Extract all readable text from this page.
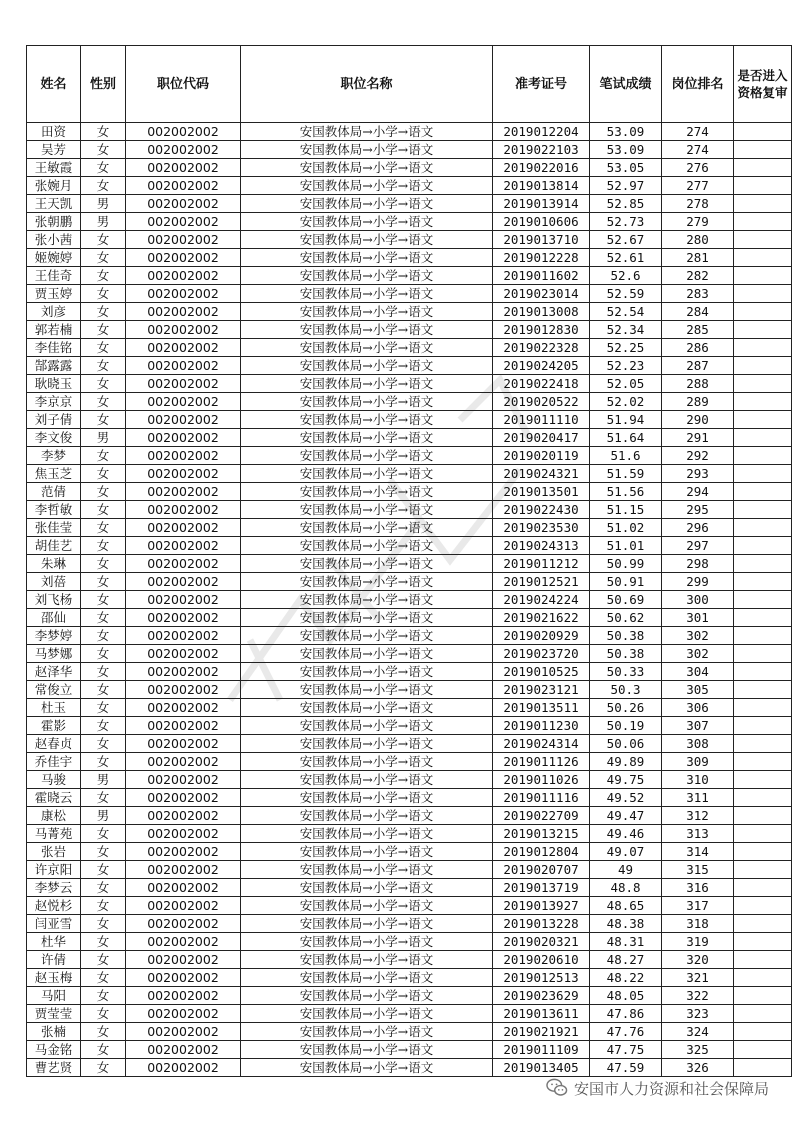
姓名	性别	职位代码	职位名称	准考证号	笔试成绩	岗位排名	是否进入资格复审
田资	女	002002002	安国教体局→小学→语文	2019012204	53.09	274	
吴芳	女	002002002	安国教体局→小学→语文	2019022103	53.09	274	
王敏霞	女	002002002	安国教体局→小学→语文	2019022016	53.05	276	
张婉月	女	002002002	安国教体局→小学→语文	2019013814	52.97	277	
王天凯	男	002002002	安国教体局→小学→语文	2019013914	52.85	278	
张朝鹏	男	002002002	安国教体局→小学→语文	2019010606	52.73	279	
张小茜	女	002002002	安国教体局→小学→语文	2019013710	52.67	280	
姬婉婷	女	002002002	安国教体局→小学→语文	2019012228	52.61	281	
王佳奇	女	002002002	安国教体局→小学→语文	2019011602	52.6	282	
贾玉婷	女	002002002	安国教体局→小学→语文	2019023014	52.59	283	
刘彦	女	002002002	安国教体局→小学→语文	2019013008	52.54	284	
郭若楠	女	002002002	安国教体局→小学→语文	2019012830	52.34	285	
李佳铭	女	002002002	安国教体局→小学→语文	2019022328	52.25	286	
郜露露	女	002002002	安国教体局→小学→语文	2019024205	52.23	287	
耿晓玉	女	002002002	安国教体局→小学→语文	2019022418	52.05	288	
李京京	女	002002002	安国教体局→小学→语文	2019020522	52.02	289	
刘子倩	女	002002002	安国教体局→小学→语文	2019011110	51.94	290	
李文俊	男	002002002	安国教体局→小学→语文	2019020417	51.64	291	
李梦	女	002002002	安国教体局→小学→语文	2019020119	51.6	292	
焦玉芝	女	002002002	安国教体局→小学→语文	2019024321	51.59	293	
范倩	女	002002002	安国教体局→小学→语文	2019013501	51.56	294	
李哲敏	女	002002002	安国教体局→小学→语文	2019022430	51.15	295	
张佳莹	女	002002002	安国教体局→小学→语文	2019023530	51.02	296	
胡佳艺	女	002002002	安国教体局→小学→语文	2019024313	51.01	297	
朱琳	女	002002002	安国教体局→小学→语文	2019011212	50.99	298	
刘蓓	女	002002002	安国教体局→小学→语文	2019012521	50.91	299	
刘飞杨	女	002002002	安国教体局→小学→语文	2019024224	50.69	300	
邵仙	女	002002002	安国教体局→小学→语文	2019021622	50.62	301	
李梦婷	女	002002002	安国教体局→小学→语文	2019020929	50.38	302	
马梦娜	女	002002002	安国教体局→小学→语文	2019023720	50.38	302	
赵泽华	女	002002002	安国教体局→小学→语文	2019010525	50.33	304	
常俊立	女	002002002	安国教体局→小学→语文	2019023121	50.3	305	
杜玉	女	002002002	安国教体局→小学→语文	2019013511	50.26	306	
霍影	女	002002002	安国教体局→小学→语文	2019011230	50.19	307	
赵春贞	女	002002002	安国教体局→小学→语文	2019024314	50.06	308	
乔佳宇	女	002002002	安国教体局→小学→语文	2019011126	49.89	309	
马骏	男	002002002	安国教体局→小学→语文	2019011026	49.75	310	
霍晓云	女	002002002	安国教体局→小学→语文	2019011116	49.52	311	
康松	男	002002002	安国教体局→小学→语文	2019022709	49.47	312	
马菁苑	女	002002002	安国教体局→小学→语文	2019013215	49.46	313	
张岩	女	002002002	安国教体局→小学→语文	2019012804	49.07	314	
许京阳	女	002002002	安国教体局→小学→语文	2019020707	49	315	
李梦云	女	002002002	安国教体局→小学→语文	2019013719	48.8	316	
赵悦杉	女	002002002	安国教体局→小学→语文	2019013927	48.65	317	
闫亚雪	女	002002002	安国教体局→小学→语文	2019013228	48.38	318	
杜华	女	002002002	安国教体局→小学→语文	2019020321	48.31	319	
许倩	女	002002002	安国教体局→小学→语文	2019020610	48.27	320	
赵玉梅	女	002002002	安国教体局→小学→语文	2019012513	48.22	321	
马阳	女	002002002	安国教体局→小学→语文	2019023629	48.05	322	
贾莹莹	女	002002002	安国教体局→小学→语文	2019013611	47.86	323	
张楠	女	002002002	安国教体局→小学→语文	2019021921	47.76	324	
马金铭	女	002002002	安国教体局→小学→语文	2019011109	47.75	325	
曹艺贤	女	002002002	安国教体局→小学→语文	2019013405	47.59	326	
安国市人力资源和社会保障局
